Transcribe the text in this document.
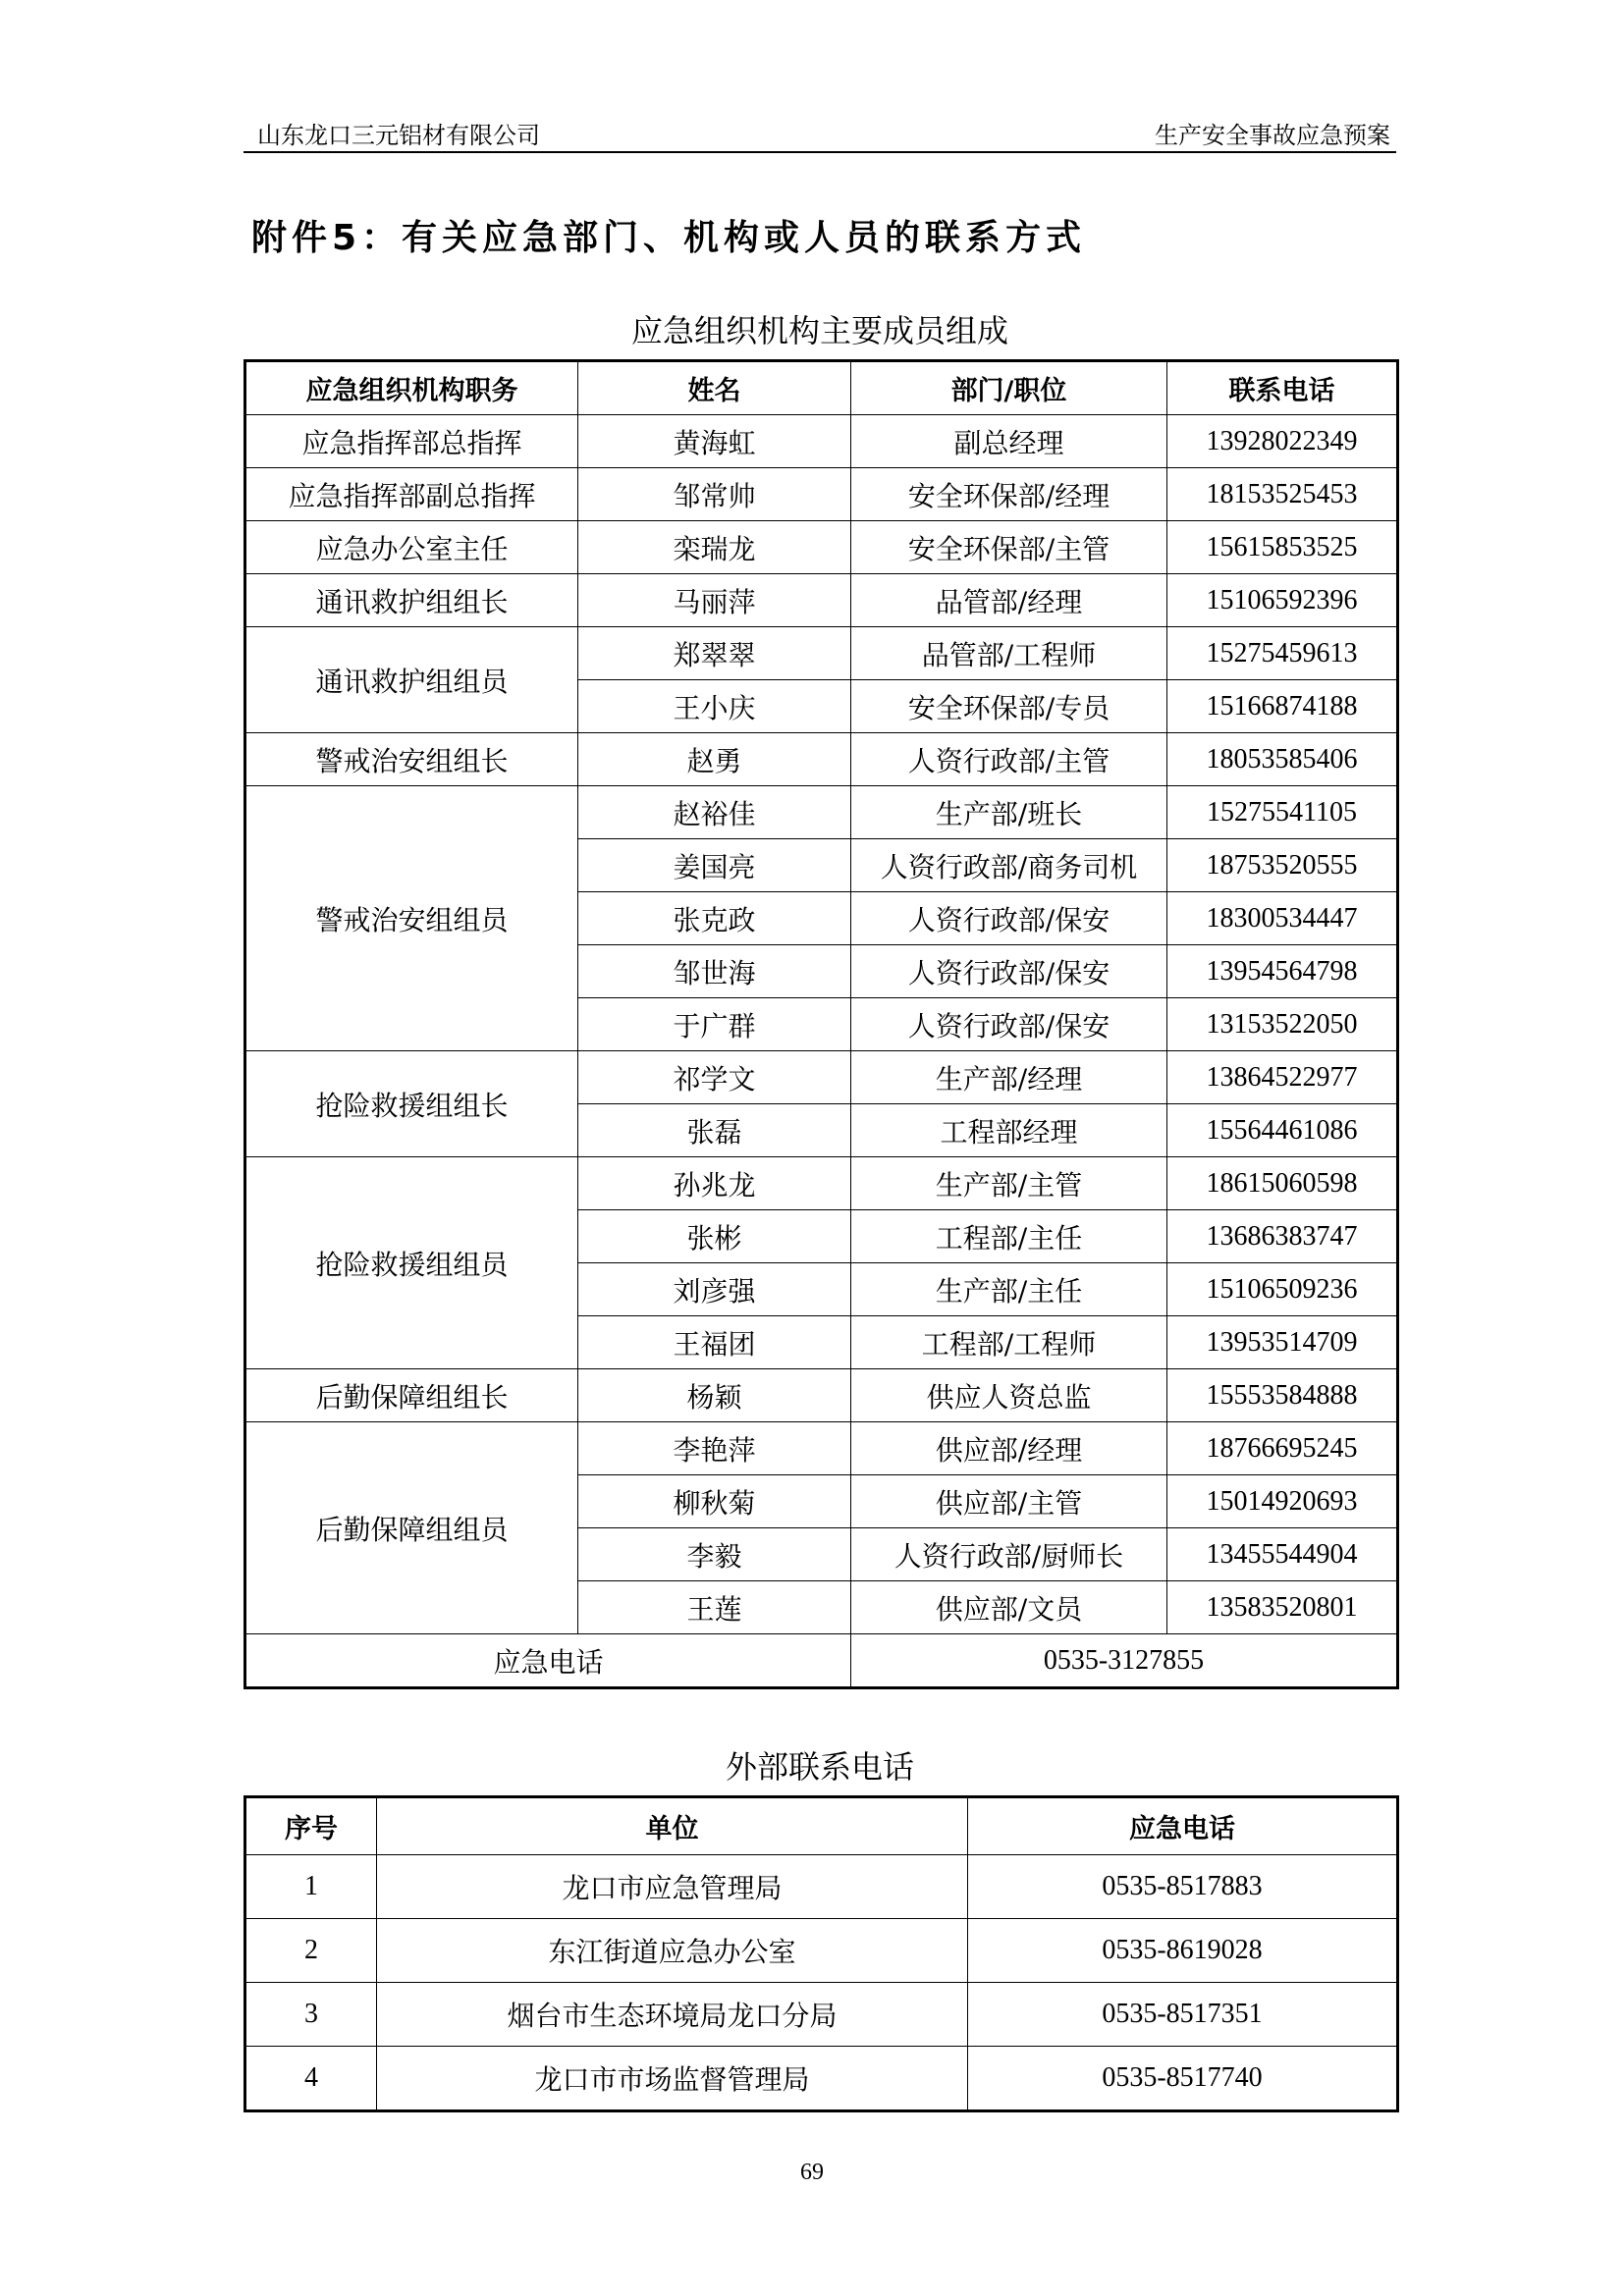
山东龙口三元铝材有限公司	生产安全事故应急预案
附件5：有关应急部门、机构或人员的联系方式
应急组织机构主要成员组成
应急组织机构职务	姓名	部门/职位	联系电话
应急指挥部总指挥	黄海虹	副总经理	13928022349
应急指挥部副总指挥	邹常帅	安全环保部/经理	18153525453
应急办公室主任	栾瑞龙	安全环保部/主管	15615853525
通讯救护组组长	马丽萍	品管部/经理	15106592396
通讯救护组组员	郑翠翠	品管部/工程师	15275459613
	王小庆	安全环保部/专员	15166874188
警戒治安组组长	赵勇	人资行政部/主管	18053585406
警戒治安组组员	赵裕佳	生产部/班长	15275541105
	姜国亮	人资行政部/商务司机	18753520555
	张克政	人资行政部/保安	18300534447
	邹世海	人资行政部/保安	13954564798
	于广群	人资行政部/保安	13153522050
抢险救援组组长	祁学文	生产部/经理	13864522977
	张磊	工程部经理	15564461086
抢险救援组组员	孙兆龙	生产部/主管	18615060598
	张彬	工程部/主任	13686383747
	刘彦强	生产部/主任	15106509236
	王福团	工程部/工程师	13953514709
后勤保障组组长	杨颖	供应人资总监	15553584888
后勤保障组组员	李艳萍	供应部/经理	18766695245
	柳秋菊	供应部/主管	15014920693
	李毅	人资行政部/厨师长	13455544904
	王莲	供应部/文员	13583520801
应急电话		0535-3127855	
外部联系电话
序号	单位	应急电话
1	龙口市应急管理局	0535-8517883
2	东江街道应急办公室	0535-8619028
3	烟台市生态环境局龙口分局	0535-8517351
4	龙口市市场监督管理局	0535-8517740
69
